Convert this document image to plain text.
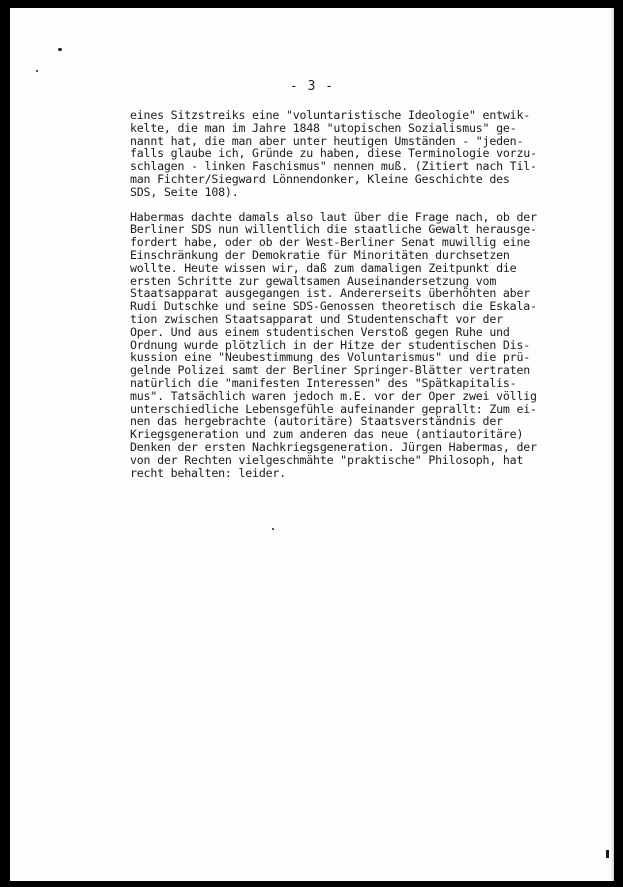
- 3 -
eines Sitzstreiks eine "voluntaristische Ideologie" entwik-
kelte, die man im Jahre 1848 "utopischen Sozialismus" ge-
nannt hat, die man aber unter heutigen Umständen - "jeden-
falls glaube ich, Gründe zu haben, diese Terminologie vorzu-
schlagen - linken Faschismus" nennen muß. (Zitiert nach Til-
man Fichter/Siegward Lönnendonker, Kleine Geschichte des
SDS, Seite 108).
Habermas dachte damals also laut über die Frage nach, ob der
Berliner SDS nun willentlich die staatliche Gewalt herausge-
fordert habe, oder ob der West-Berliner Senat muwillig eine
Einschränkung der Demokratie für Minoritäten durchsetzen
wollte. Heute wissen wir, daß zum damaligen Zeitpunkt die
ersten Schritte zur gewaltsamen Auseinandersetzung vom
Staatsapparat ausgegangen ist. Andererseits überhöhten aber
Rudi Dutschke und seine SDS-Genossen theoretisch die Eskala-
tion zwischen Staatsapparat und Studentenschaft vor der
Oper. Und aus einem studentischen Verstoß gegen Ruhe und
Ordnung wurde plötzlich in der Hitze der studentischen Dis-
kussion eine "Neubestimmung des Voluntarismus" und die prü-
gelnde Polizei samt der Berliner Springer-Blätter vertraten
natürlich die "manifesten Interessen" des "Spätkapitalis-
mus". Tatsächlich waren jedoch m.E. vor der Oper zwei völlig
unterschiedliche Lebensgefühle aufeinander geprallt: Zum ei-
nen das hergebrachte (autoritäre) Staatsverständnis der
Kriegsgeneration und zum anderen das neue (antiautoritäre)
Denken der ersten Nachkriegsgeneration. Jürgen Habermas, der
von der Rechten vielgeschmähte "praktische" Philosoph, hat
recht behalten: leider.
